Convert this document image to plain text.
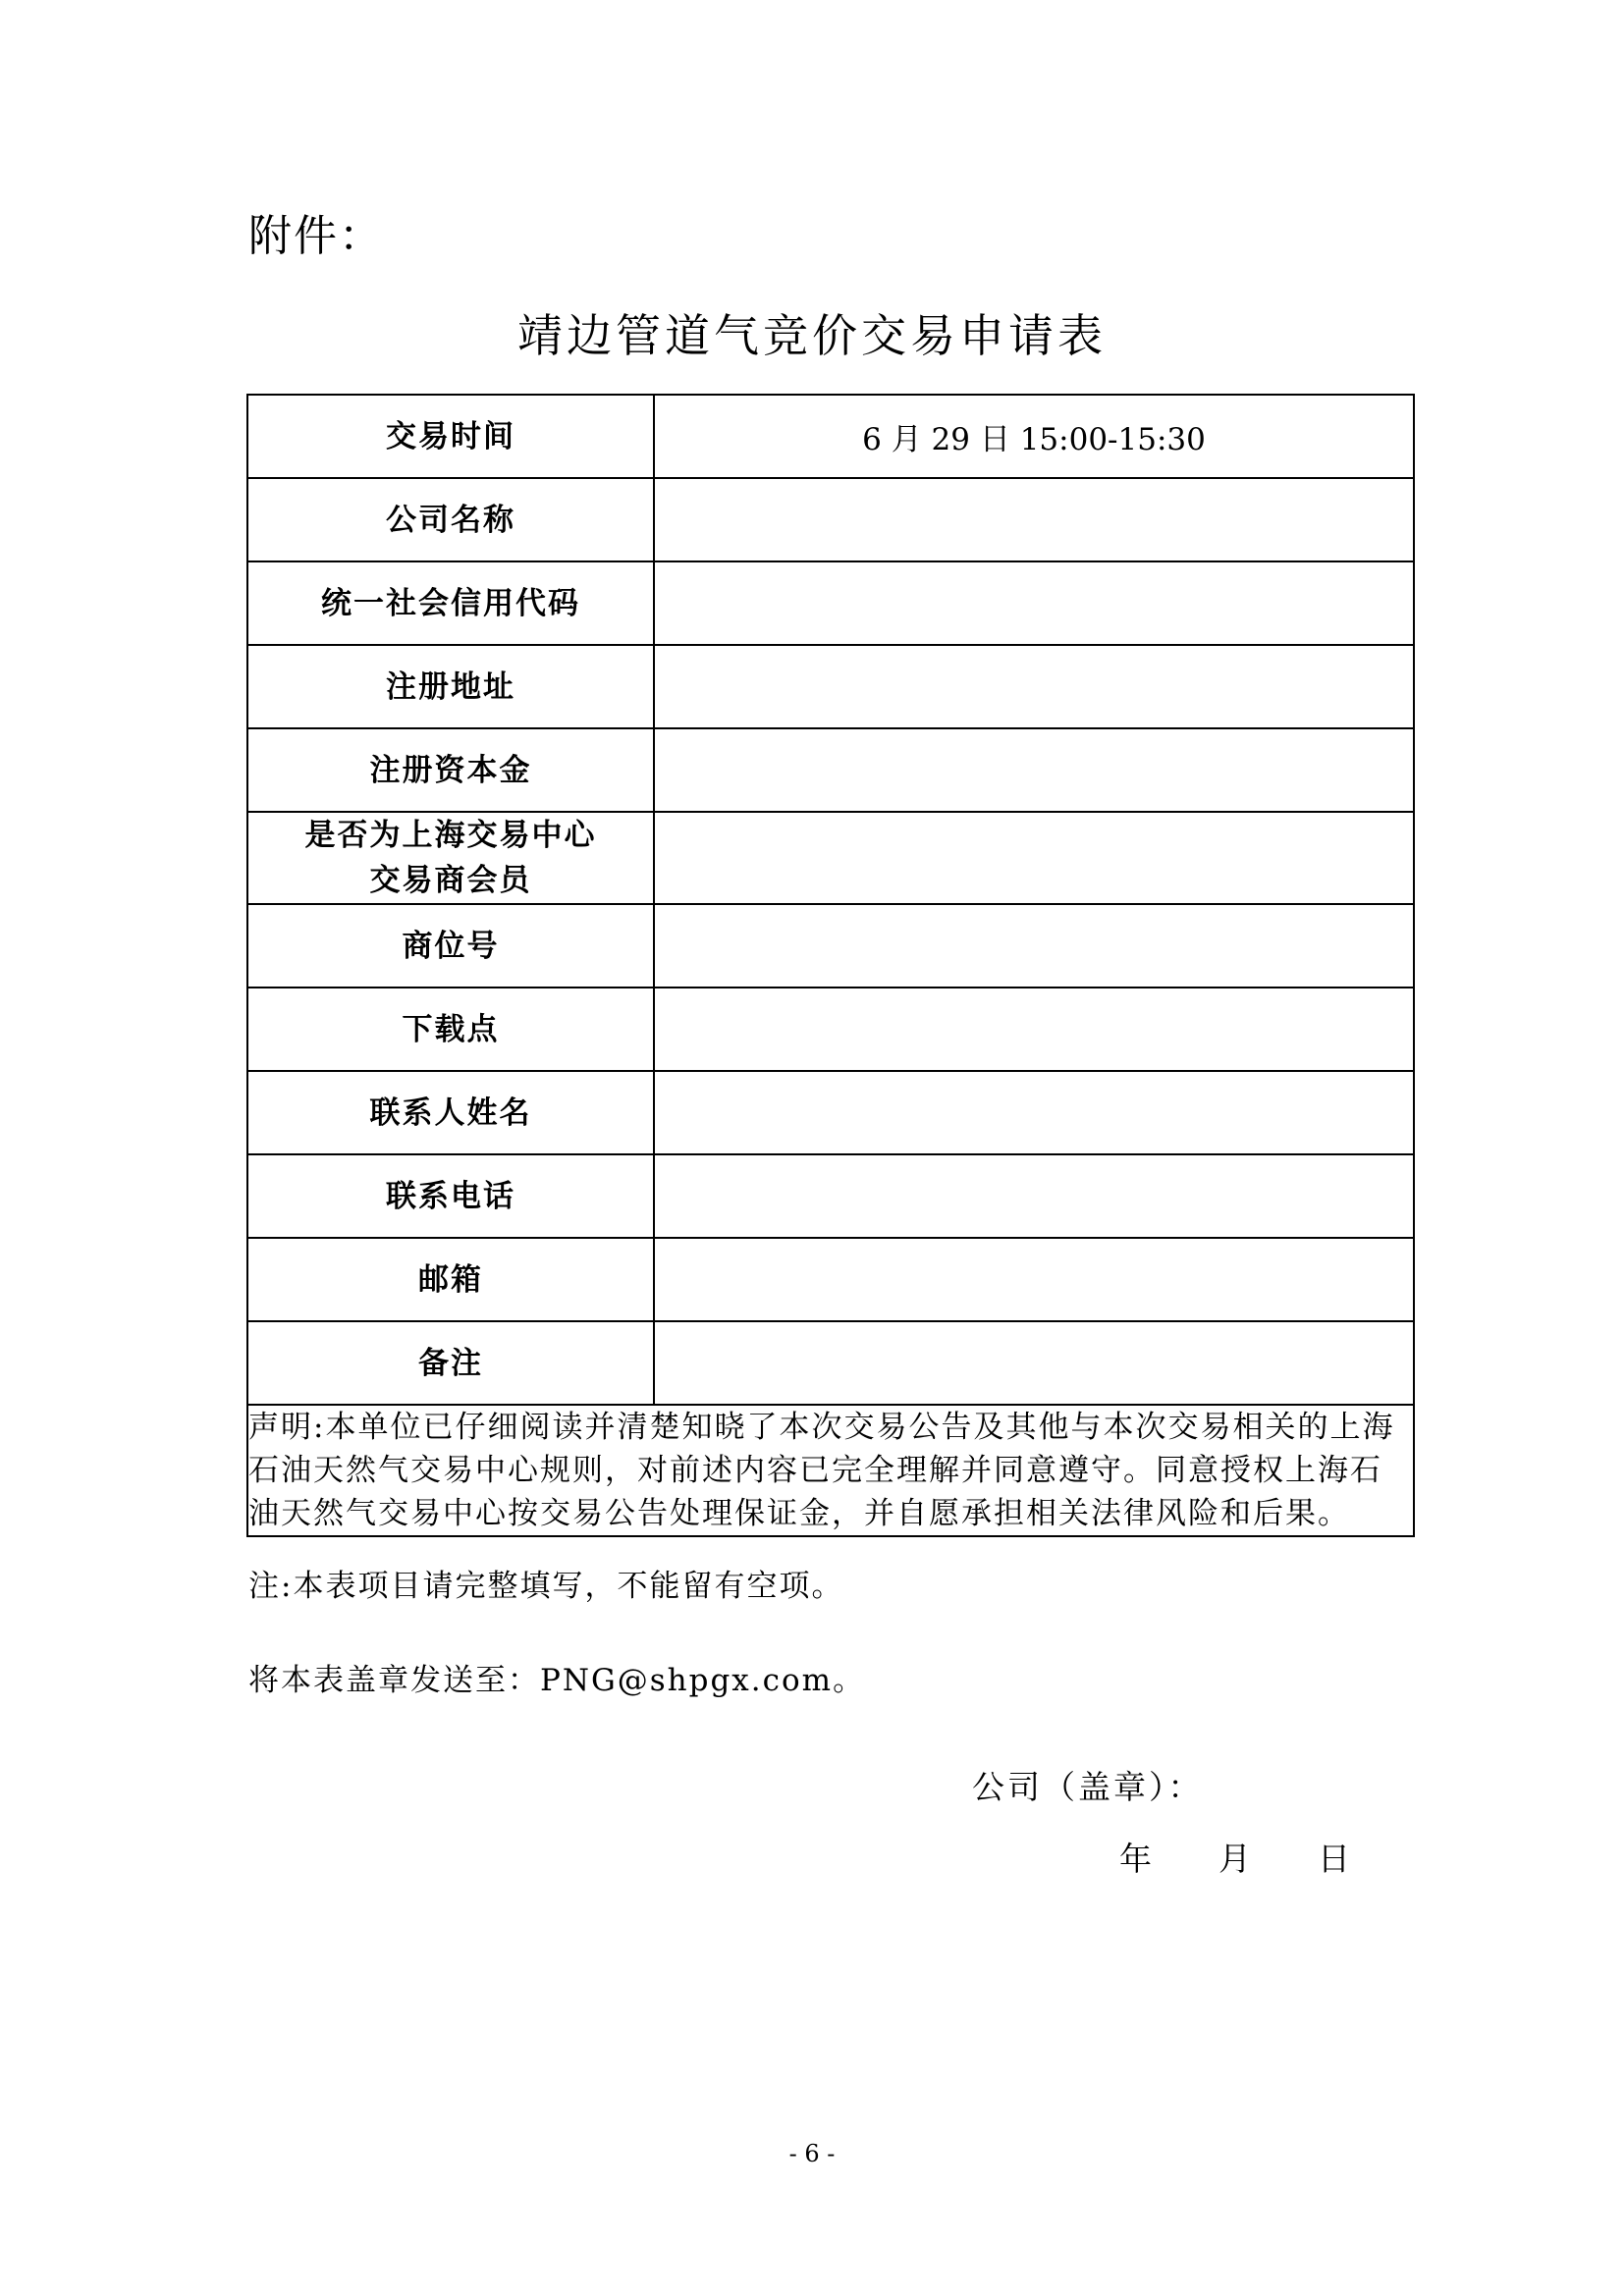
附件：
靖边管道气竞价交易申请表
交易时间	6 月 29 日 15:00-15:30
公司名称	
统一社会信用代码	
注册地址	
注册资本金	

是否为上海交易中心
交易商会员	

商位号	
下载点	
联系人姓名	
联系电话	
邮箱	
备注	
声明:本单位已仔细阅读并清楚知晓了本次交易公告及其他与本次交易相关的上海石油天然气交易中心规则，对前述内容已完全理解并同意遵守。同意授权上海石油天然气交易中心按交易公告处理保证金，并自愿承担相关法律风险和后果。	
注:本表项目请完整填写，不能留有空项。
将本表盖章发送至：PNG@shpgx.com。
公司（盖章）：
年 月 日
- 6 -
